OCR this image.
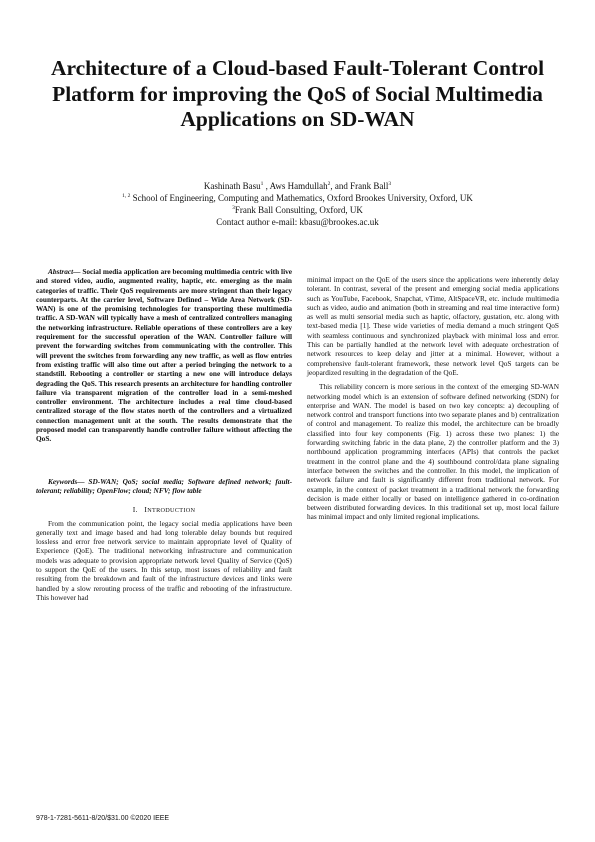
Architecture of a Cloud-based Fault-Tolerant Control
Platform for improving the QoS of Social Multimedia
Applications on SD-WAN
Kashinath Basu$^1$ , Aws Hamdullah$^2$, and Frank Ball$^3$
$^{1, 2}$ School of Engineering, Computing and Mathematics, Oxford Brookes University, Oxford, UK
$^3$Frank Ball Consulting, Oxford, UK
Contact author e-mail: kbasu@brookes.ac.uk

Abstract— Social media application are becoming multimedia centric with live and stored video, audio, augmented reality, haptic, etc. emerging as the main categories of traffic. Their QoS requirements are more stringent than their legacy counterparts. At the carrier level, Software Defined – Wide Area Network (SD-WAN) is one of the promising technologies for transporting these multimedia traffic. A SD-WAN will typically have a mesh of centralized controllers managing the networking infrastructure. Reliable operations of these controllers are a key requirement for the successful operation of the WAN. Controller failure will prevent the forwarding switches from communicating with the controller. This will prevent the switches from forwarding any new traffic, as well as flow entries from existing traffic will also time out after a period bringing the network to a standstill. Rebooting a controller or starting a new one will introduce delays degrading the QoS. This research presents an architecture for handling controller failure via transparent migration of the controller load in a semi-meshed controller environment. The architecture includes a real time cloud-based centralized storage of the flow states north of the controllers and a virtualized connection management unit at the south. The results demonstrate that the proposed model can transparently handle controller failure without affecting the QoS.

Keywords— SD-WAN; QoS; social media; Software defined network; fault-tolerant; reliability; OpenFlow; cloud; NFV; flow table

I. INTRODUCTION

From the communication point, the legacy social media applications have been generally text and image based and had long tolerable delay bounds but required lossless and error free network service to maintain appropriate level of Quality of Experience (QoE). The traditional networking infrastructure and communication models was adequate to provision appropriate network level Quality of Service (QoS) to support the QoE of the users. In this setup, most issues of reliability and fault resulting from the breakdown and fault of the infrastructure devices and links were handled by a slow rerouting process of the traffic and rebooting of the infrastructure. This however had

minimal impact on the QoE of the users since the applications were inherently delay tolerant. In contrast, several of the present and emerging social media applications such as YouTube, Facebook, Snapchat, vTime, AltSpaceVR, etc. include multimedia such as video, audio and animation (both in streaming and real time interactive form) as well as multi sensorial media such as haptic, olfactory, gustation, etc. along with text-based media [1]. These wide varieties of media demand a much stringent QoS with seamless continuous and synchronized playback with minimal loss and error. This can be partially handled at the network level with adequate orchestration of network resources to keep delay and jitter at a minimal. However, without a comprehensive fault-tolerant framework, these network level QoS targets can be jeopardized resulting in the degradation of the QoE.

This reliability concern is more serious in the context of the emerging SD-WAN networking model which is an extension of software defined networking (SDN) for enterprise and WAN. The model is based on two key concepts: a) decoupling of network control and transport functions into two separate planes and b) centralization of control and management. To realize this model, the architecture can be broadly classified into four key components (Fig. 1) across these two planes: 1) the forwarding switching fabric in the data plane, 2) the controller platform and the 3) northbound application programming interfaces (APIs) that controls the packet treatment in the control plane and the 4) southbound control/data plane signaling interface between the switches and the controller. In this model, the implication of network failure and fault is significantly different from traditional network. For example, in the context of packet treatment in a traditional network the forwarding decision is made either locally or based on intelligence gathered in co-ordination between distributed forwarding devices. In this traditional set up, most local failure has minimal impact and only limited regional implications.

978-1-7281-5611-8/20/$31.00 ©2020 IEEE
